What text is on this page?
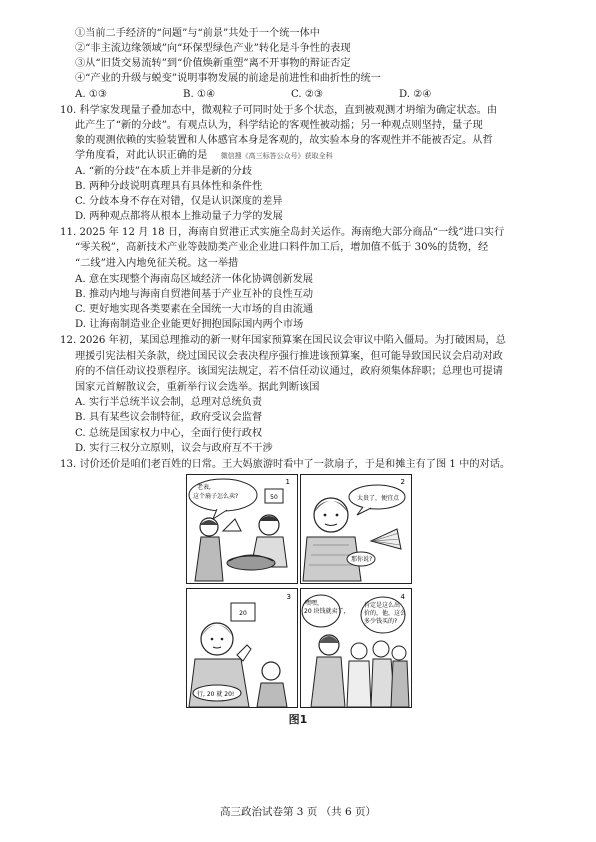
①当前二手经济的“问题”与“前景”共处于一个统一体中
②“非主流边缘领域”向“环保型绿色产业”转化是斗争性的表现
③从“旧货交易流转”到“价值焕新重塑”离不开事物的辩证否定
④“产业的升级与蜕变”说明事物发展的前途是前进性和曲折性的统一
A. ①③	B. ①④	C. ②③	D. ②④
10. 科学家发现量子叠加态中，微观粒子可同时处于多个状态，直到被观测才坍缩为确定状态。由
此产生了“新的分歧”。有观点认为，科学结论的客观性被动摇；另一种观点则坚持，量子现
象的观测依赖的实验装置和人体感官本身是客观的，故实验本身的客观性并不能被否定。从哲
学角度看，对此认识正确的是 微信搜《高三标答公众号》获取全科
A. “新的分歧”在本质上并非是新的分歧
B. 两种分歧说明真理具有具体性和条件性
C. 分歧本身不存在对错，仅是认识深度的差异
D. 两种观点都将从根本上推动量子力学的发展
11. 2025 年 12 月 18 日，海南自贸港正式实施全岛封关运作。海南绝大部分商品“一线”进口实行
“零关税”，高新技术产业等鼓励类产业企业进口料件加工后，增加值不低于 30%的货物，经
“二线”进入内地免征关税。这一举措
A. 意在实现整个海南岛区域经济一体化协调创新发展
B. 推动内地与海南自贸港间基于产业互补的良性互动
C. 更好地实现各类要素在全国统一大市场的自由流通
D. 让海南制造业企业能更好拥抱国际国内两个市场
12. 2026 年初，某国总理推动的新一财年国家预算案在国民议会审议中陷入僵局。为打破困局，总
理援引宪法相关条款，绕过国民议会表决程序强行推进该预算案，但可能导致国民议会启动对政
府的不信任动议投票程序。该国宪法规定，若不信任动议通过，政府须集体辞职；总理也可提请
国家元首解散议会，重新举行议会选举。据此判断该国
A. 实行半总统半议会制，总理对总统负责
B. 具有某些议会制特征，政府受议会监督
C. 总统是国家权力中心，全面行使行政权
D. 实行三权分立原则，议会与政府互不干涉
13. 讨价还价是咱们老百姓的日常。王大妈旅游时看中了一款扇子，于是和摊主有了图 1 中的对话。
老表,
这个扇子怎么卖?
1
50
2
太贵了，便宜点
那你说?
3
20
行, 20 就 20!
4
嘿嘿，
20 块钱就卖了，
肯定是这么出
价的，他，这么
多少钱买的?
图1
高三政治试卷第 3 页 （共 6 页）
